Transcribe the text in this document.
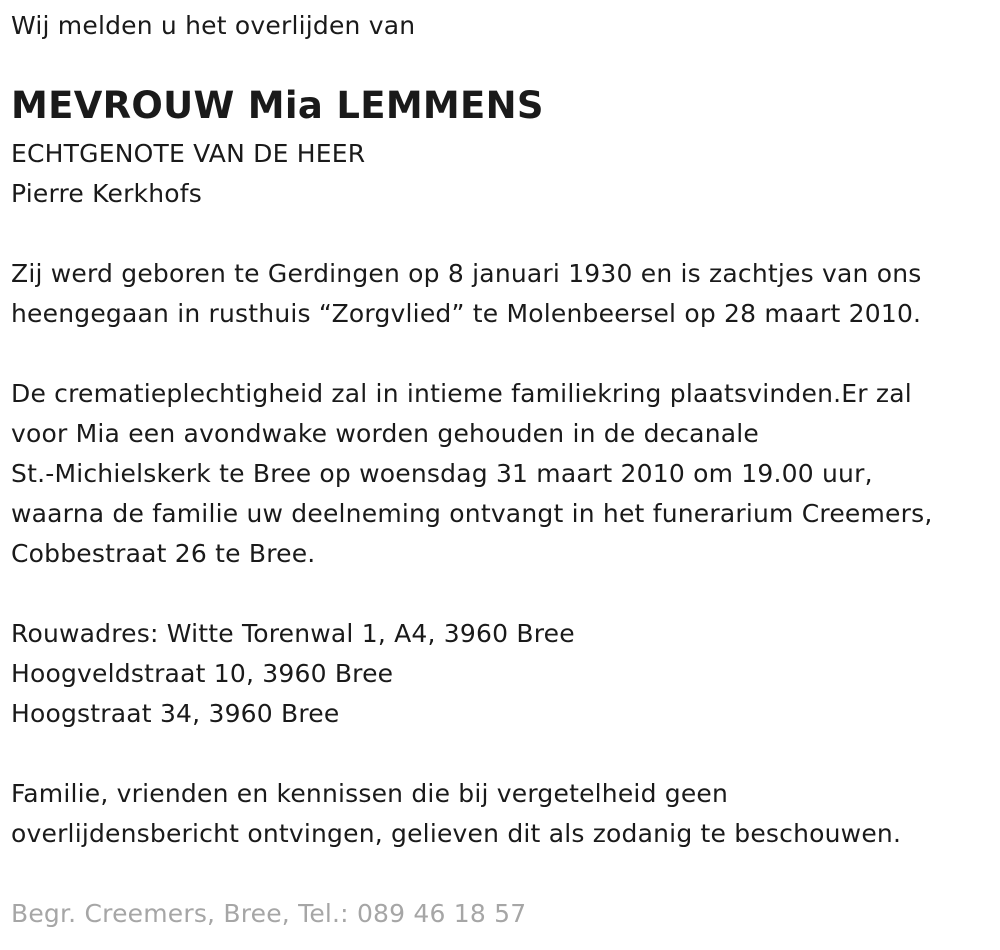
Wij melden u het overlijden van
MEVROUW Mia LEMMENS
ECHTGENOTE VAN DE HEER
Pierre Kerkhofs
Zij werd geboren te Gerdingen op 8 januari 1930 en is zachtjes van ons
heengegaan in rusthuis “Zorgvlied” te Molenbeersel op 28 maart 2010.
De crematieplechtigheid zal in intieme familiekring plaatsvinden.Er zal
voor Mia een avondwake worden gehouden in de decanale
St.-Michielskerk te Bree op woensdag 31 maart 2010 om 19.00 uur,
waarna de familie uw deelneming ontvangt in het funerarium Creemers,
Cobbestraat 26 te Bree.
Rouwadres: Witte Torenwal 1, A4, 3960 Bree
Hoogveldstraat 10, 3960 Bree
Hoogstraat 34, 3960 Bree
Familie, vrienden en kennissen die bij vergetelheid geen
overlijdensbericht ontvingen, gelieven dit als zodanig te beschouwen.
Begr. Creemers, Bree, Tel.: 089 46 18 57
